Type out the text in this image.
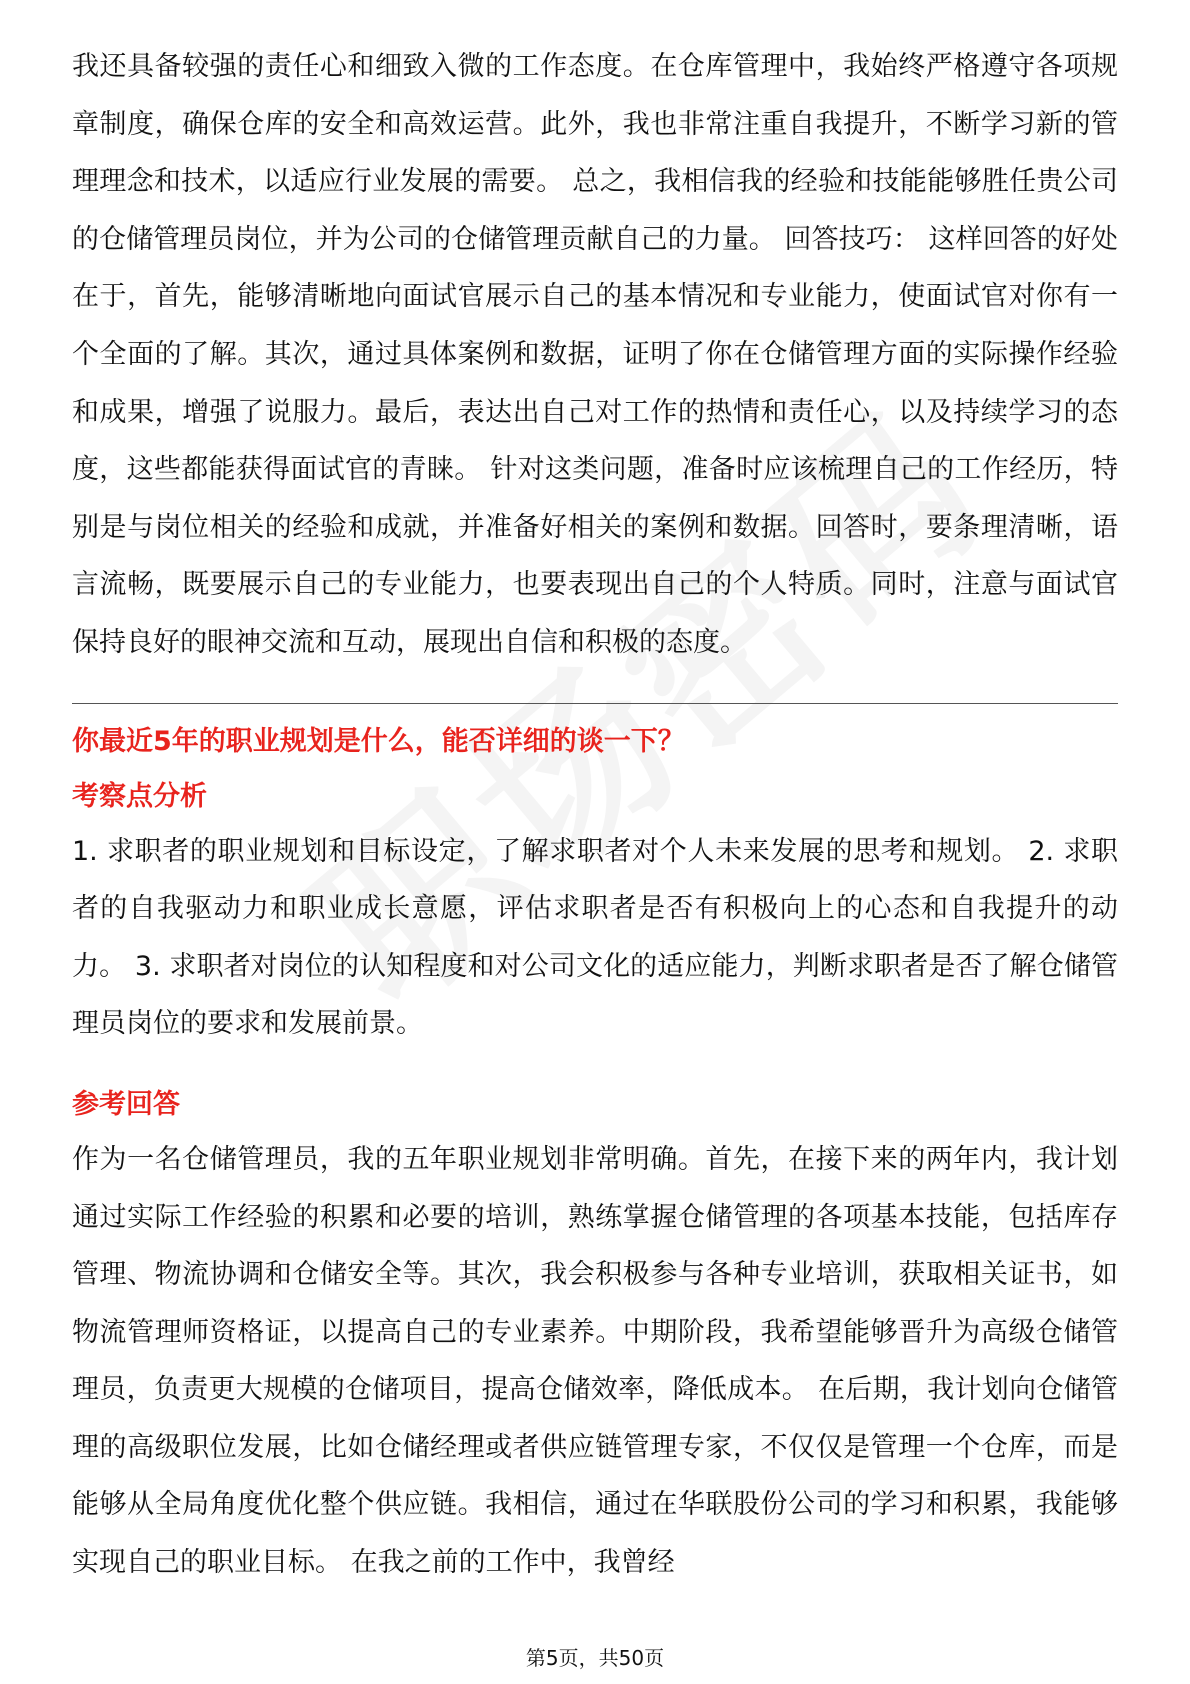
我还具备较强的责任心和细致入微的工作态度。在仓库管理中，我始终严格遵守各项规章制度，确保仓库的安全和高效运营。此外，我也非常注重自我提升，不断学习新的管理理念和技术，以适应行业发展的需要。 总之，我相信我的经验和技能能够胜任贵公司的仓储管理员岗位，并为公司的仓储管理贡献自己的力量。 回答技巧： 这样回答的好处在于，首先，能够清晰地向面试官展示自己的基本情况和专业能力，使面试官对你有一个全面的了解。其次，通过具体案例和数据，证明了你在仓储管理方面的实际操作经验和成果，增强了说服力。最后，表达出自己对工作的热情和责任心，以及持续学习的态度，这些都能获得面试官的青睐。 针对这类问题，准备时应该梳理自己的工作经历，特别是与岗位相关的经验和成就，并准备好相关的案例和数据。回答时，要条理清晰，语言流畅，既要展示自己的专业能力，也要表现出自己的个人特质。同时，注意与面试官保持良好的眼神交流和互动，展现出自信和积极的态度。

你最近5年的职业规划是什么，能否详细的谈一下？

考察点分析

1. 求职者的职业规划和目标设定，了解求职者对个人未来发展的思考和规划。 2. 求职者的自我驱动力和职业成长意愿，评估求职者是否有积极向上的心态和自我提升的动力。 3. 求职者对岗位的认知程度和对公司文化的适应能力，判断求职者是否了解仓储管理员岗位的要求和发展前景。

参考回答

作为一名仓储管理员，我的五年职业规划非常明确。首先，在接下来的两年内，我计划通过实际工作经验的积累和必要的培训，熟练掌握仓储管理的各项基本技能，包括库存管理、物流协调和仓储安全等。其次，我会积极参与各种专业培训，获取相关证书，如物流管理师资格证，以提高自己的专业素养。中期阶段，我希望能够晋升为高级仓储管理员，负责更大规模的仓储项目，提高仓储效率，降低成本。 在后期，我计划向仓储管理的高级职位发展，比如仓储经理或者供应链管理专家，不仅仅是管理一个仓库，而是能够从全局角度优化整个供应链。我相信，通过在华联股份公司的学习和积累，我能够实现自己的职业目标。 在我之前的工作中，我曾经

第5页，共50页
